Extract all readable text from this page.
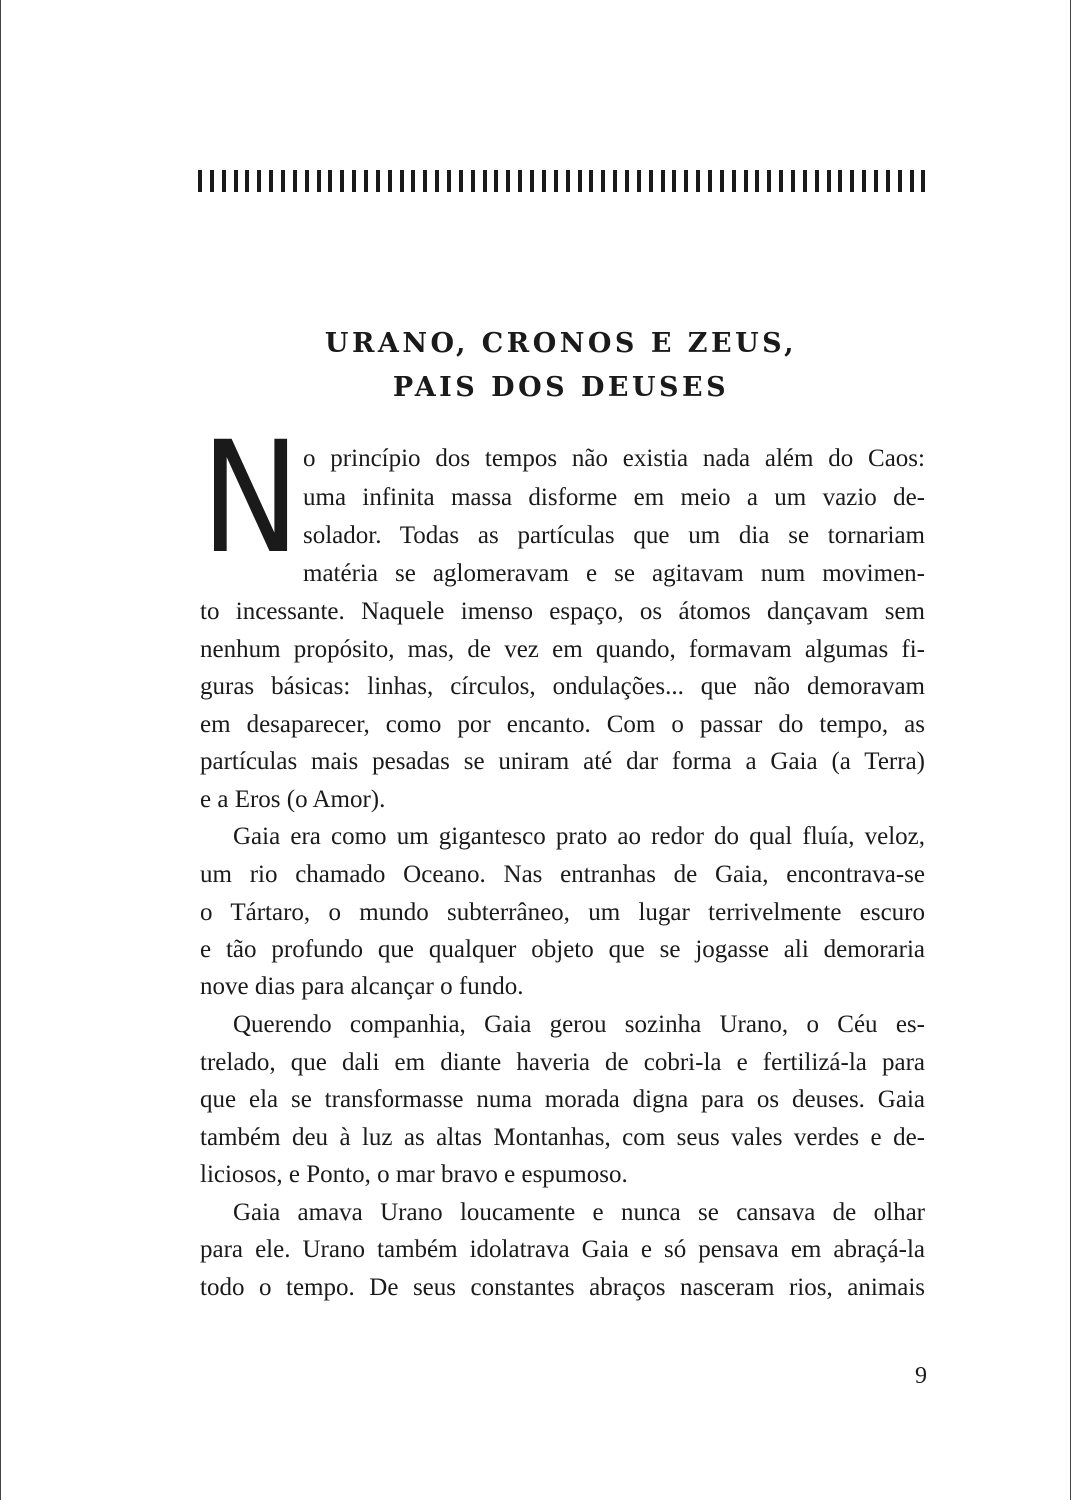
URANO, CRONOS E ZEUS,
PAIS DOS DEUSES
N o princípio dos tempos não existia nada além do Caos:
uma infinita massa disforme em meio a um vazio de-
solador. Todas as partículas que um dia se tornariam
matéria se aglomeravam e se agitavam num movimen-
to incessante. Naquele imenso espaço, os átomos dançavam sem
nenhum propósito, mas, de vez em quando, formavam algumas fi-
guras básicas: linhas, círculos, ondulações... que não demoravam
em desaparecer, como por encanto. Com o passar do tempo, as
partículas mais pesadas se uniram até dar forma a Gaia (a Terra)
e a Eros (o Amor).
Gaia era como um gigantesco prato ao redor do qual fluía, veloz,
um rio chamado Oceano. Nas entranhas de Gaia, encontrava-se
o Tártaro, o mundo subterrâneo, um lugar terrivelmente escuro
e tão profundo que qualquer objeto que se jogasse ali demoraria
nove dias para alcançar o fundo.
Querendo companhia, Gaia gerou sozinha Urano, o Céu es-
trelado, que dali em diante haveria de cobri-la e fertilizá-la para
que ela se transformasse numa morada digna para os deuses. Gaia
também deu à luz as altas Montanhas, com seus vales verdes e de-
liciosos, e Ponto, o mar bravo e espumoso.
Gaia amava Urano loucamente e nunca se cansava de olhar
para ele. Urano também idolatrava Gaia e só pensava em abraçá-la
todo o tempo. De seus constantes abraços nasceram rios, animais
9
